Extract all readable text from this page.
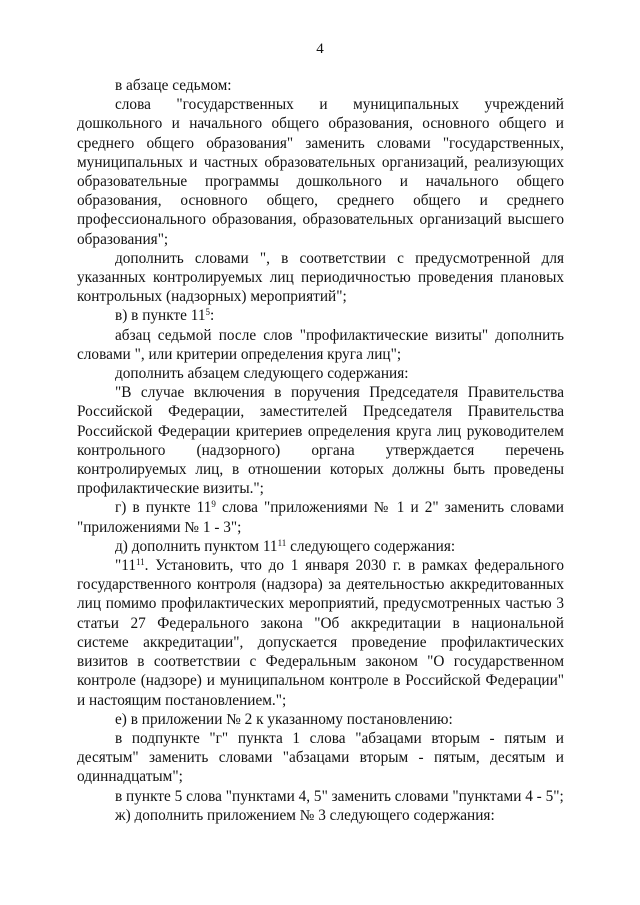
4

в абзаце седьмом:

слова "государственных и муниципальных учреждений дошкольного и начального общего образования, основного общего и среднего общего образования" заменить словами "государственных, муниципальных и частных образовательных организаций, реализующих образовательные программы дошкольного и начального общего образования, основного общего, среднего общего и среднего профессионального образования, образовательных организаций высшего образования";

дополнить словами ", в соответствии с предусмотренной для указанных контролируемых лиц периодичностью проведения плановых контрольных (надзорных) мероприятий";

в) в пункте $11^5$:

абзац седьмой после слов "профилактические визиты" дополнить словами ", или критерии определения круга лиц";

дополнить абзацем следующего содержания:

"В случае включения в поручения Председателя Правительства Российской Федерации, заместителей Председателя Правительства Российской Федерации критериев определения круга лиц руководителем контрольного (надзорного) органа утверждается перечень контролируемых лиц, в отношении которых должны быть проведены профилактические визиты.";

г) в пункте $11^9$ слова "приложениями № 1 и 2" заменить словами "приложениями № 1 - 3";

д) дополнить пунктом $11^{11}$ следующего содержания:

"$11^{11}$. Установить, что до 1 января 2030 г. в рамках федерального государственного контроля (надзора) за деятельностью аккредитованных лиц помимо профилактических мероприятий, предусмотренных частью 3 статьи 27 Федерального закона "Об аккредитации в национальной системе аккредитации", допускается проведение профилактических визитов в соответствии с Федеральным законом "О государственном контроле (надзоре) и муниципальном контроле в Российской Федерации" и настоящим постановлением.";

е) в приложении № 2 к указанному постановлению:

в подпункте "г" пункта 1 слова "абзацами вторым - пятым и десятым" заменить словами "абзацами вторым - пятым, десятым и одиннадцатым";

в пункте 5 слова "пунктами 4, 5" заменить словами "пунктами 4 - 5";

ж) дополнить приложением № 3 следующего содержания:
